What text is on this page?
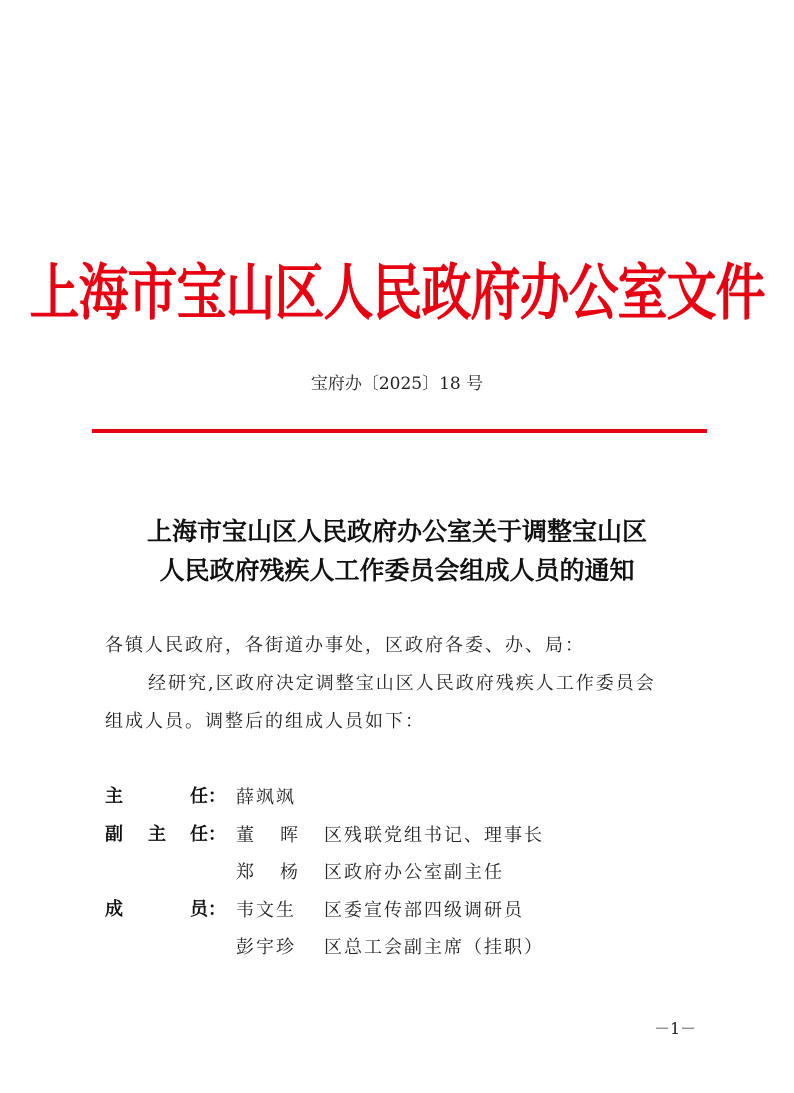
上海市宝山区人民政府办公室文件
宝府办〔2025〕18 号
上海市宝山区人民政府办公室关于调整宝山区
人民政府残疾人工作委员会组成人员的通知
各镇人民政府，各街道办事处，区政府各委、办、局：
经研究,区政府决定调整宝山区人民政府残疾人工作委员会
组成人员。调整后的组成人员如下：
主	任 ： 薛飒飒
副 主 任 ： 董 晖 区残联党组书记、理事长
郑 杨 区政府办公室副主任
成	员 ： 韦文生 区委宣传部四级调研员
彭宇珍 区总工会副主席（挂职）
－1－
